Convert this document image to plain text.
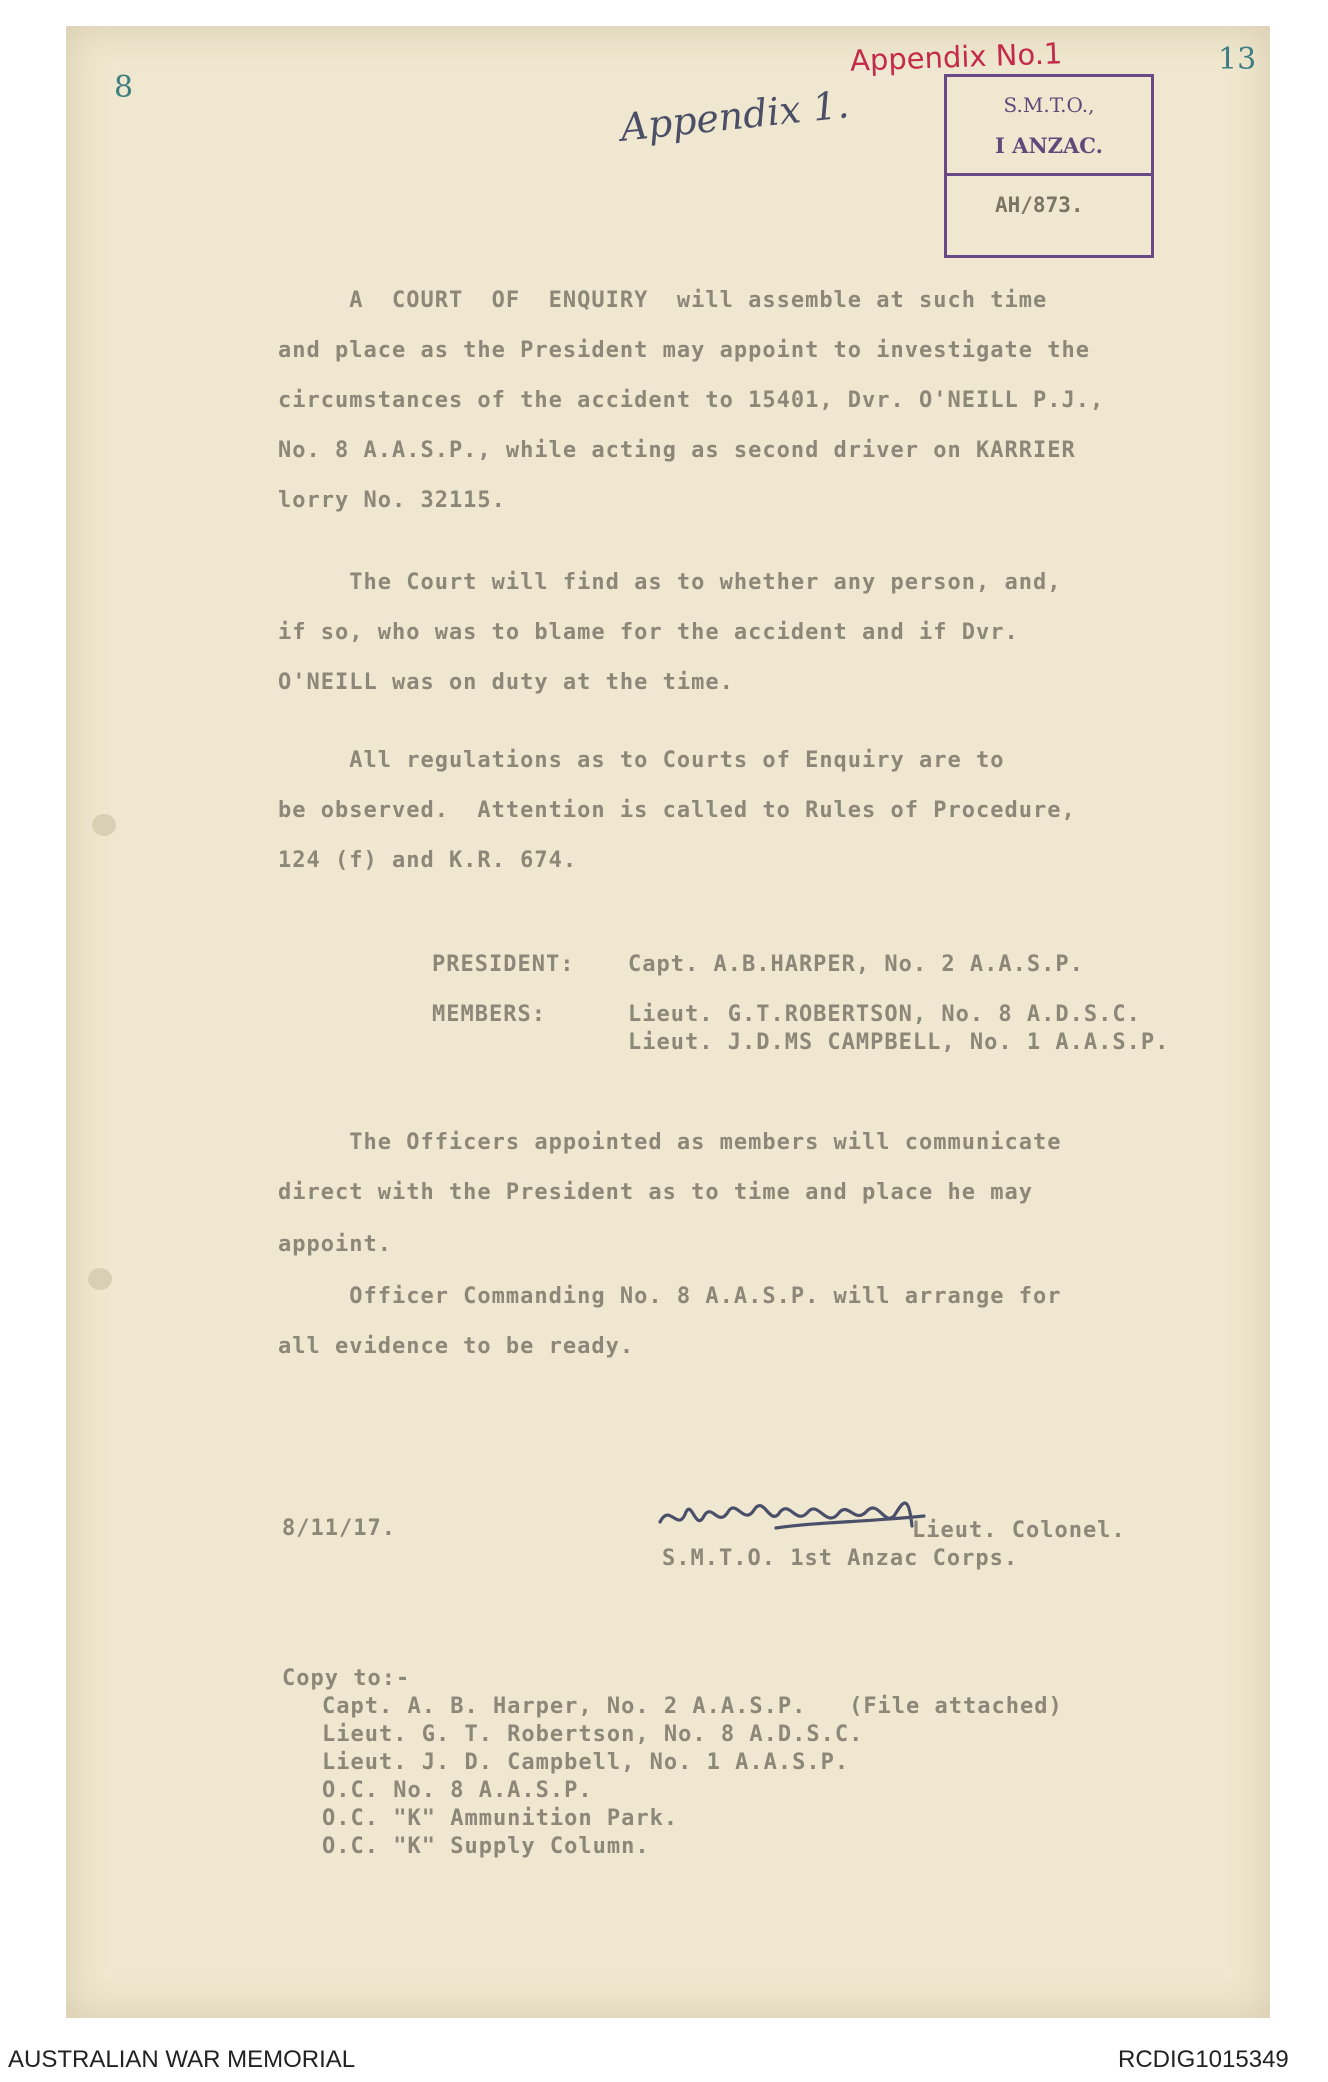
8
13
Appendix No.1
Appendix 1.	S.M.T.O.,
I ANZAC.
AH/873.
A  COURT  OF  ENQUIRY  will assemble at such time
and place as the President may appoint to investigate the
circumstances of the accident to 15401, Dvr. O'NEILL P.J.,
No. 8 A.A.S.P., while acting as second driver on KARRIER
lorry No. 32115.
The Court will find as to whether any person, and,
if so, who was to blame for the accident and if Dvr.
O'NEILL was on duty at the time.
All regulations as to Courts of Enquiry are to
be observed.  Attention is called to Rules of Procedure,
124 (f) and K.R. 674.
PRESIDENT: Capt. A.B.HARPER, No. 2 A.A.S.P.
MEMBERS:	Lieut. G.T.ROBERTSON, No. 8 A.D.S.C.
Lieut. J.D.MS CAMPBELL, No. 1 A.A.S.P.
The Officers appointed as members will communicate
direct with the President as to time and place he may
appoint.
Officer Commanding No. 8 A.A.S.P. will arrange for
all evidence to be ready.
8/11/17.	Lieut. Colonel.
S.M.T.O. 1st Anzac Corps.
Copy to:-
Capt. A. B. Harper, No. 2 A.A.S.P.   (File attached)
Lieut. G. T. Robertson, No. 8 A.D.S.C.
Lieut. J. D. Campbell, No. 1 A.A.S.P.
O.C. No. 8 A.A.S.P.
O.C. "K" Ammunition Park.
O.C. "K" Supply Column.
AUSTRALIAN WAR MEMORIAL	RCDIG1015349
